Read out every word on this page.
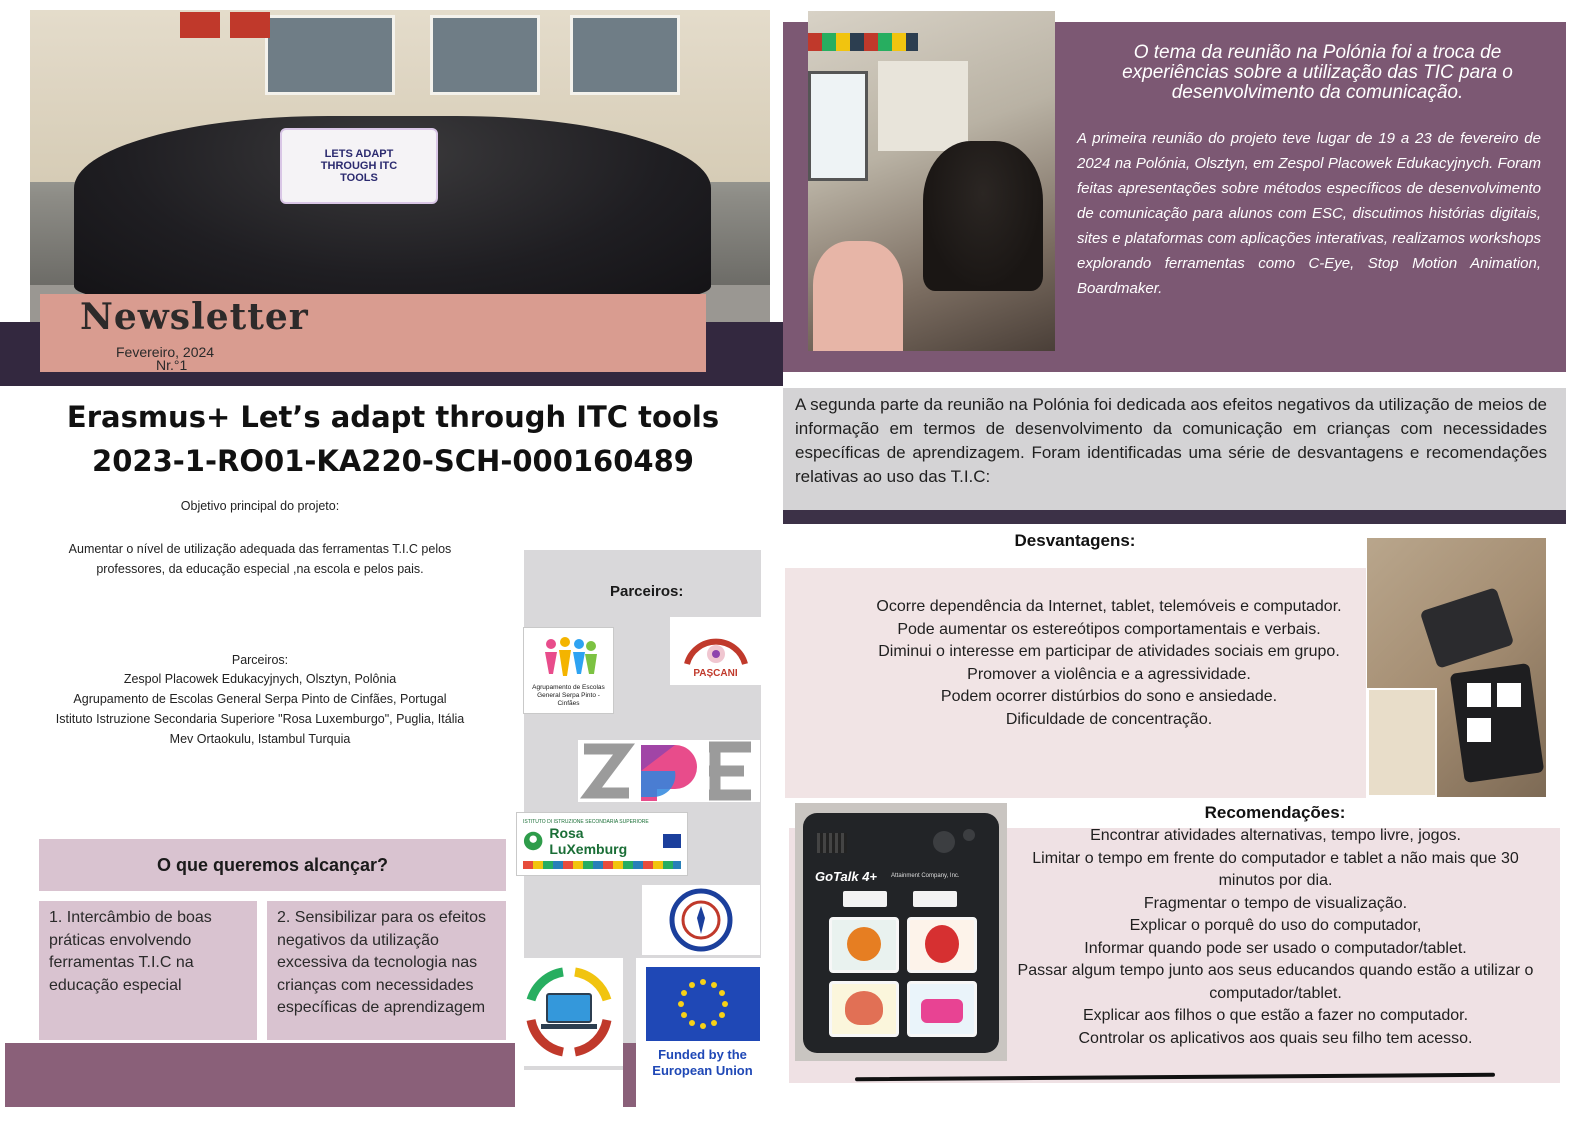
LETS ADAPT THROUGH ITC TOOLS
Newsletter
Fevereiro, 2024
Nr.°1
Erasmus+ Let’s adapt through ITC tools
2023-1-RO01-KA220-SCH-000160489
Objetivo principal do projeto:
Aumentar o nível de utilização adequada das ferramentas T.I.C pelos professores, da educação especial ,na escola e pelos pais.
Parceiros:
Zespol Placowek Edukacyjnych, Olsztyn, Polônia
Agrupamento de Escolas General Serpa Pinto de Cinfães, Portugal
Istituto Istruzione Secondaria Superiore "Rosa Luxemburgo", Puglia, Itália
Mev Ortaokulu, Istambul Turquia
Parceiros:
Agrupamento de Escolas General Serpa Pinto - Cinfães
PAȘCANI
ISTITUTO DI ISTRUZIONE SECONDARIA SUPERIORE
Rosa LuXemburg
Funded by the European Union
O que queremos alcançar?
1. Intercâmbio de boas práticas envolvendo ferramentas T.I.C na educação especial
2. Sensibilizar para os efeitos negativos da utilização excessiva da tecnologia nas crianças com necessidades específicas de aprendizagem
O tema da reunião na Polónia foi a troca de experiências sobre a utilização das TIC para o desenvolvimento da comunicação.
A primeira reunião do projeto teve lugar de 19 a 23 de fevereiro de 2024 na Polónia, Olsztyn, em Zespol Placowek Edukacyjnych. Foram feitas apresentações sobre métodos específicos de desenvolvimento de comunicação para alunos com ESC, discutimos histórias digitais, sites e plataformas com aplicações interativas, realizamos workshops explorando ferramentas como C-Eye, Stop Motion Animation, Boardmaker.
A segunda parte da reunião na Polónia foi dedicada aos efeitos negativos da utilização de meios de informação em termos de desenvolvimento da comunicação em crianças com necessidades específicas de aprendizagem. Foram identificadas uma série de desvantagens e recomendações relativas ao uso das T.I.C:
Desvantagens:
Ocorre dependência da Internet, tablet, telemóveis e computador.
Pode aumentar os estereótipos comportamentais e verbais.
Diminui o interesse em participar de atividades sociais em grupo.
Promover a violência e a agressividade.
Podem ocorrer distúrbios do sono e ansiedade.
Dificuldade de concentração.
Recomendações:
Encontrar atividades alternativas, tempo livre, jogos.
Limitar o tempo em frente do computador e tablet a não mais que 30 minutos por dia.
Fragmentar o tempo de visualização.
Explicar o porquê do uso do computador,
Informar quando pode ser usado o computador/tablet.
Passar algum tempo junto aos seus educandos quando estão a utilizar o computador/tablet.
Explicar aos filhos o que estão a fazer no computador.
Controlar os aplicativos aos quais seu filho tem acesso.
GoTalk 4+ Attainment Company, Inc.
